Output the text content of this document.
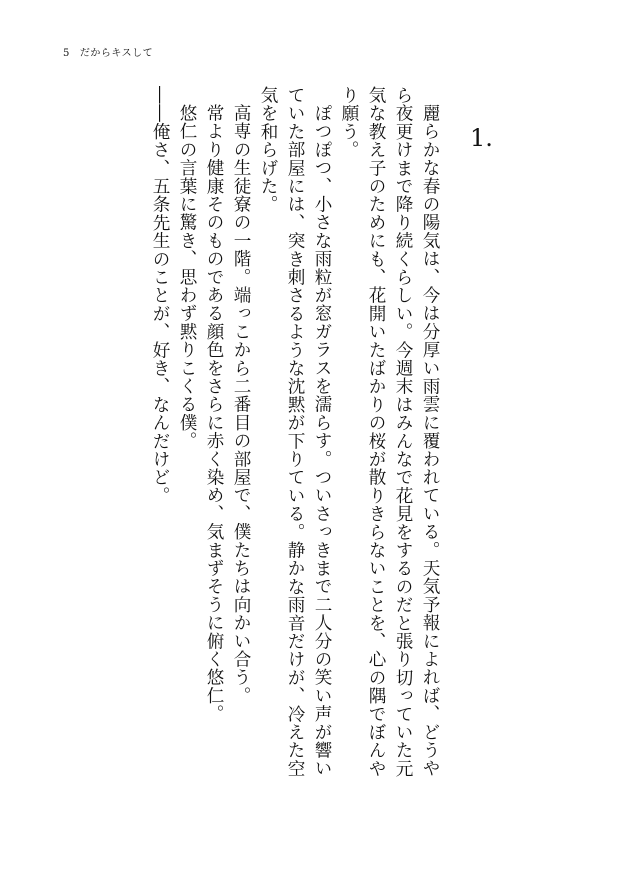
5 だからキスして
1.

麗らかな春の陽気は、今は分厚い雨雲に覆われている。天気予報によれば、どうやら夜更けまで降り続くらしい。今週末はみんなで花見をするのだと張り切っていた元気な教え子のためにも、花開いたばかりの桜が散りきらないことを、心の隅でぼんやり願う。

ぽつぽつ、小さな雨粒が窓ガラスを濡らす。ついさっきまで二人分の笑い声が響いていた部屋には、突き刺さるような沈黙が下りている。静かな雨音だけが、冷えた空気を和らげた。

高専の生徒寮の一階。端っこから二番目の部屋で、僕たちは向かい合う。

常より健康そのものである顔色をさらに赤く染め、気まずそうに俯く悠仁。

悠仁の言葉に驚き、思わず黙りこくる僕。

――俺さ、五条先生のことが、好き、なんだけど。
